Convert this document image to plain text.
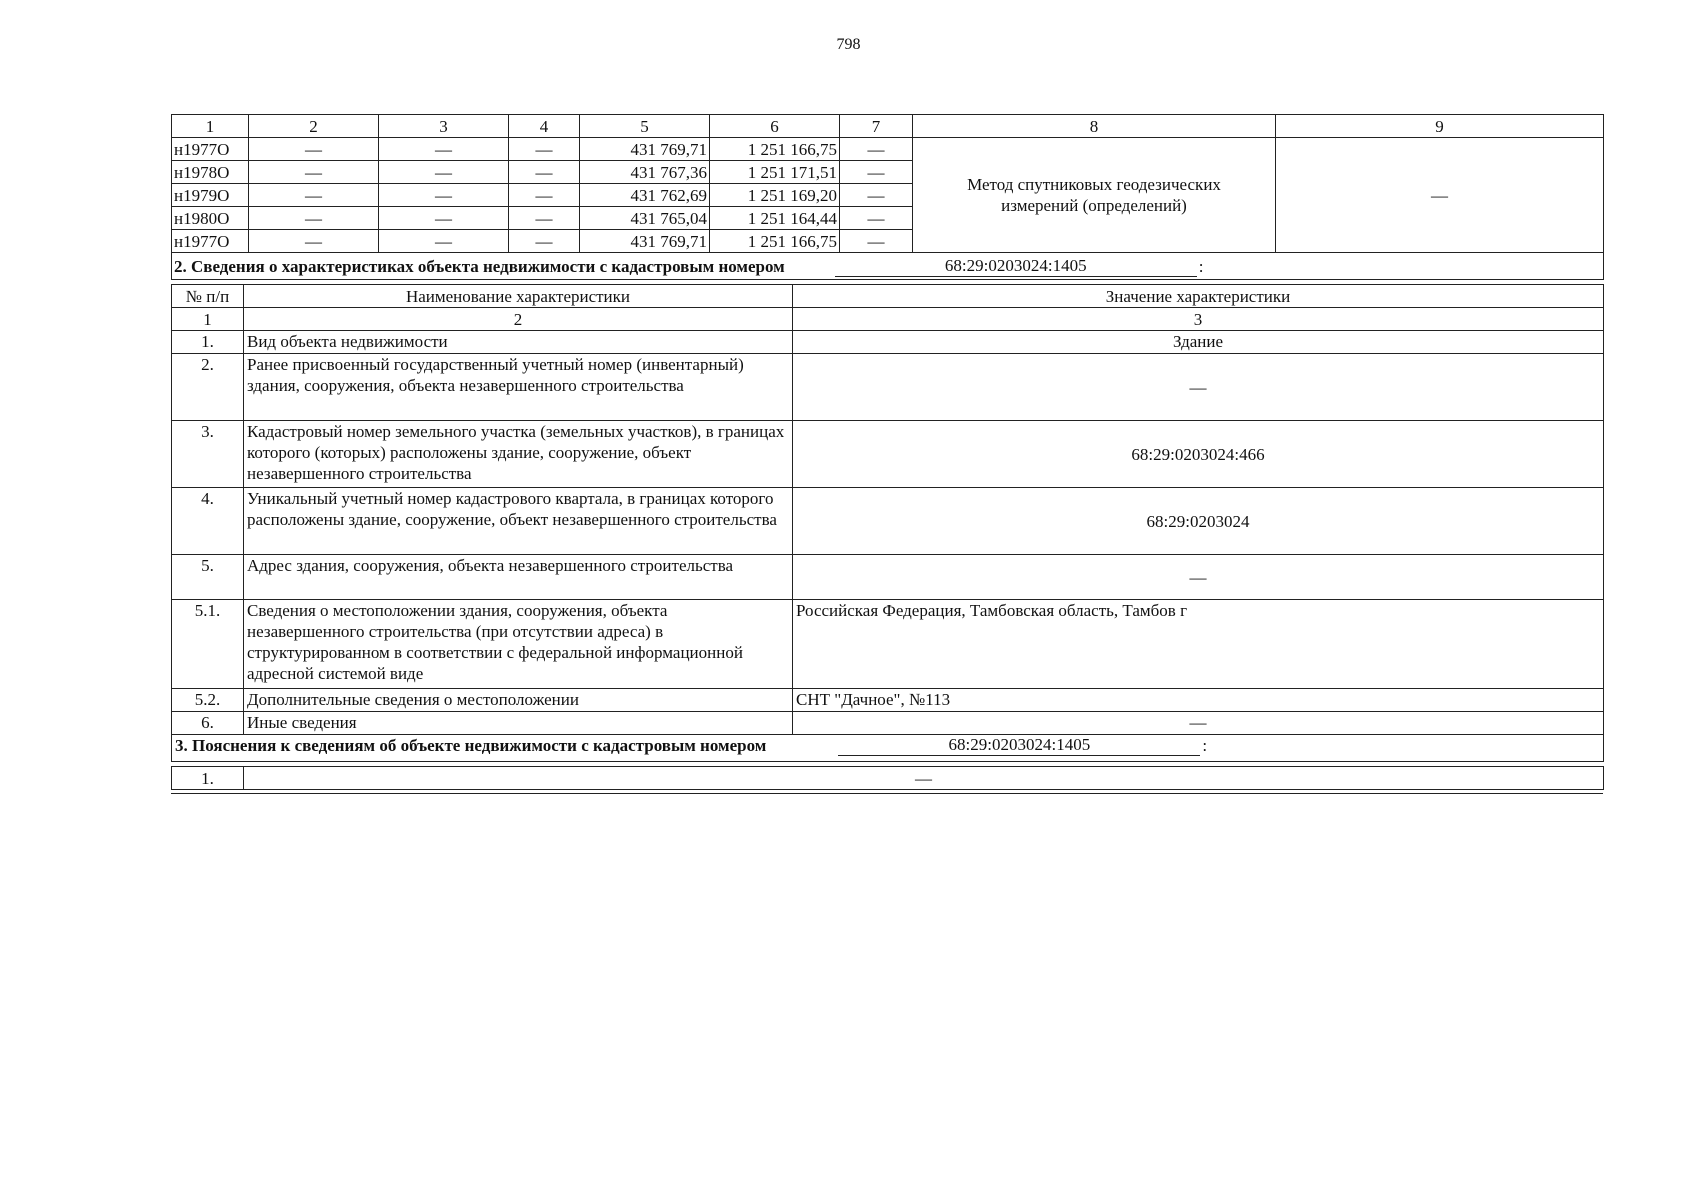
798
1	2	3	4	5	6	7	8	9
н1977О	—	—	—	431 769,71	1 251 166,75	—	Метод спутниковых геодезических измерений (определений)	—
н1978О	—	—	—	431 767,36	1 251 171,51	—		
н1979О	—	—	—	431 762,69	1 251 169,20	—		
н1980О	—	—	—	431 765,04	1 251 164,44	—		
н1977О	—	—	—	431 769,71	1 251 166,75	—		

2. Сведения о характеристиках объекта недвижимости с кадастровым номером 68:29:0203024:1405 :								
№ п/п	Наименование характеристики	Значение характеристики
1	2	3
1.	Вид объекта недвижимости	Здание
2.	Ранее присвоенный государственный учетный номер (инвентарный) здания, сооружения, объекта незавершенного строительства	—
3.	Кадастровый номер земельного участка (земельных участков), в границах которого (которых) расположены здание, сооружение, объект незавершенного строительства	68:29:0203024:466
4.	Уникальный учетный номер кадастрового квартала, в границах которого расположены здание, сооружение, объект незавершенного строительства	68:29:0203024
5.	Адрес здания, сооружения, объекта незавершенного строительства	—
5.1.	Сведения о местоположении здания, сооружения, объекта незавершенного строительства (при отсутствии адреса) в структурированном в соответствии с федеральной информационной адресной системой виде	Российская Федерация, Тамбовская область, Тамбов г
5.2.	Дополнительные сведения о местоположении	СНТ "Дачное", №113
6.	Иные сведения	—

3. Пояснения к сведениям об объекте недвижимости с кадастровым номером 68:29:0203024:1405 :		
1.	—
